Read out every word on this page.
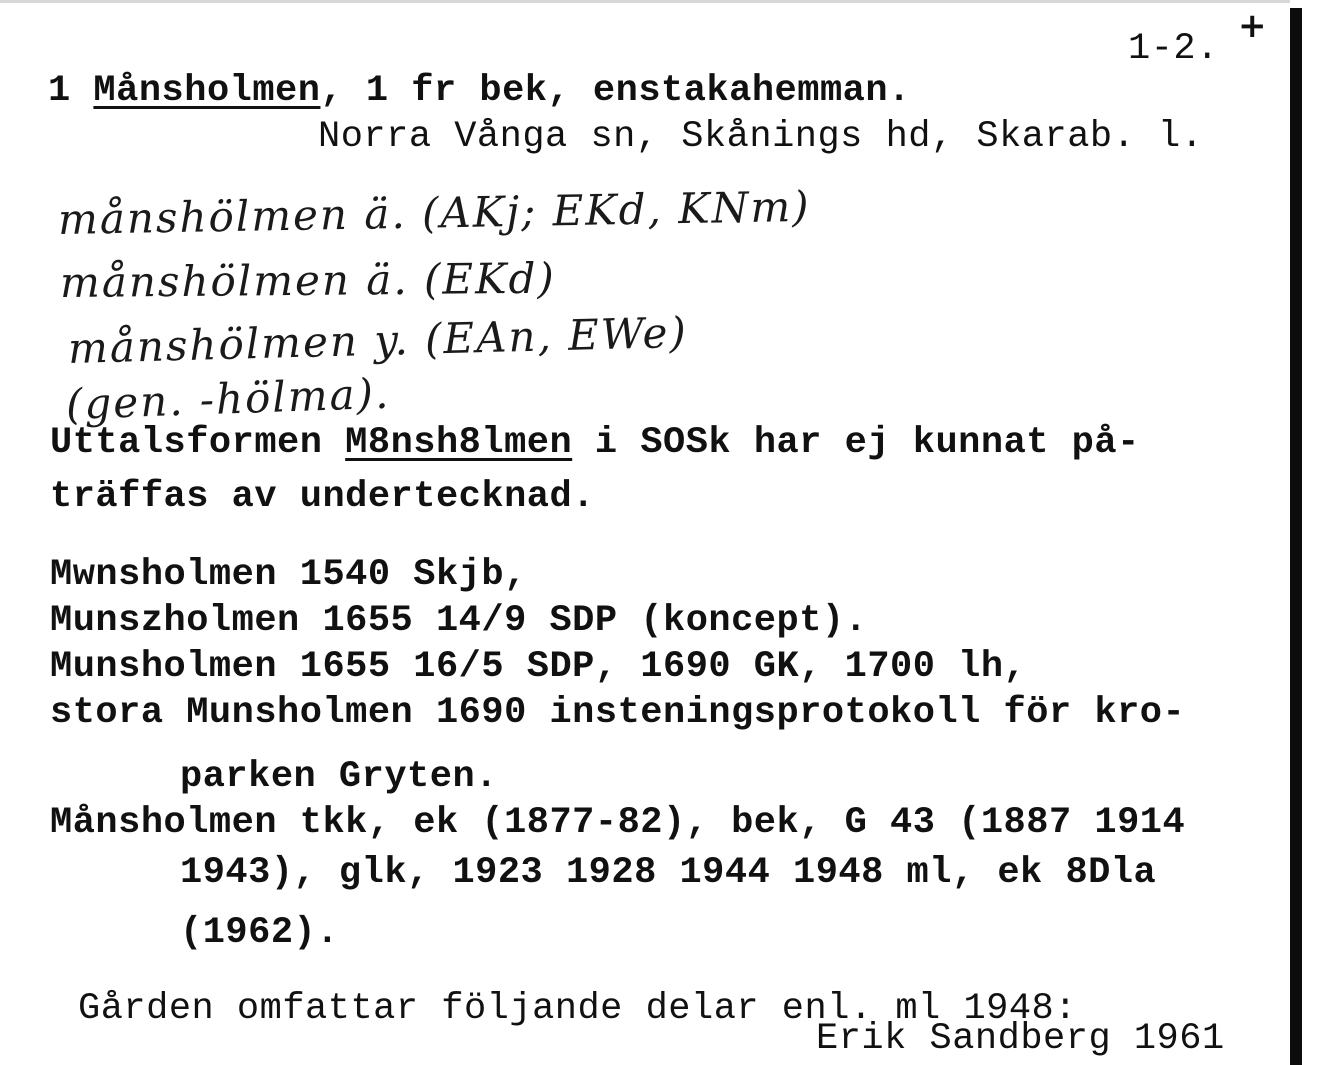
+
1-2.
1 Månsholmen, 1 fr bek, enstakahemman.
Norra Vånga sn, Skånings hd, Skarab. l.
månshölmen ä. (AKj; EKd, KNm)
månshölmen ä. (EKd)
månshölmen y. (EAn, EWe)
(gen. -hölma).
Uttalsformen M8nsh8lmen i SOSk har ej kunnat på-
träffas av undertecknad.
Mwnsholmen 1540 Skjb,
Munszholmen 1655 14/9 SDP (koncept).
Munsholmen 1655 16/5 SDP, 1690 GK, 1700 lh,
stora Munsholmen 1690 insteningsprotokoll för kro-
parken Gryten.
Månsholmen tkk, ek (1877-82), bek, G 43 (1887 1914
1943), glk, 1923 1928 1944 1948 ml, ek 8Dla
(1962).
Gården omfattar följande delar enl. ml 1948:
Erik Sandberg 1961
